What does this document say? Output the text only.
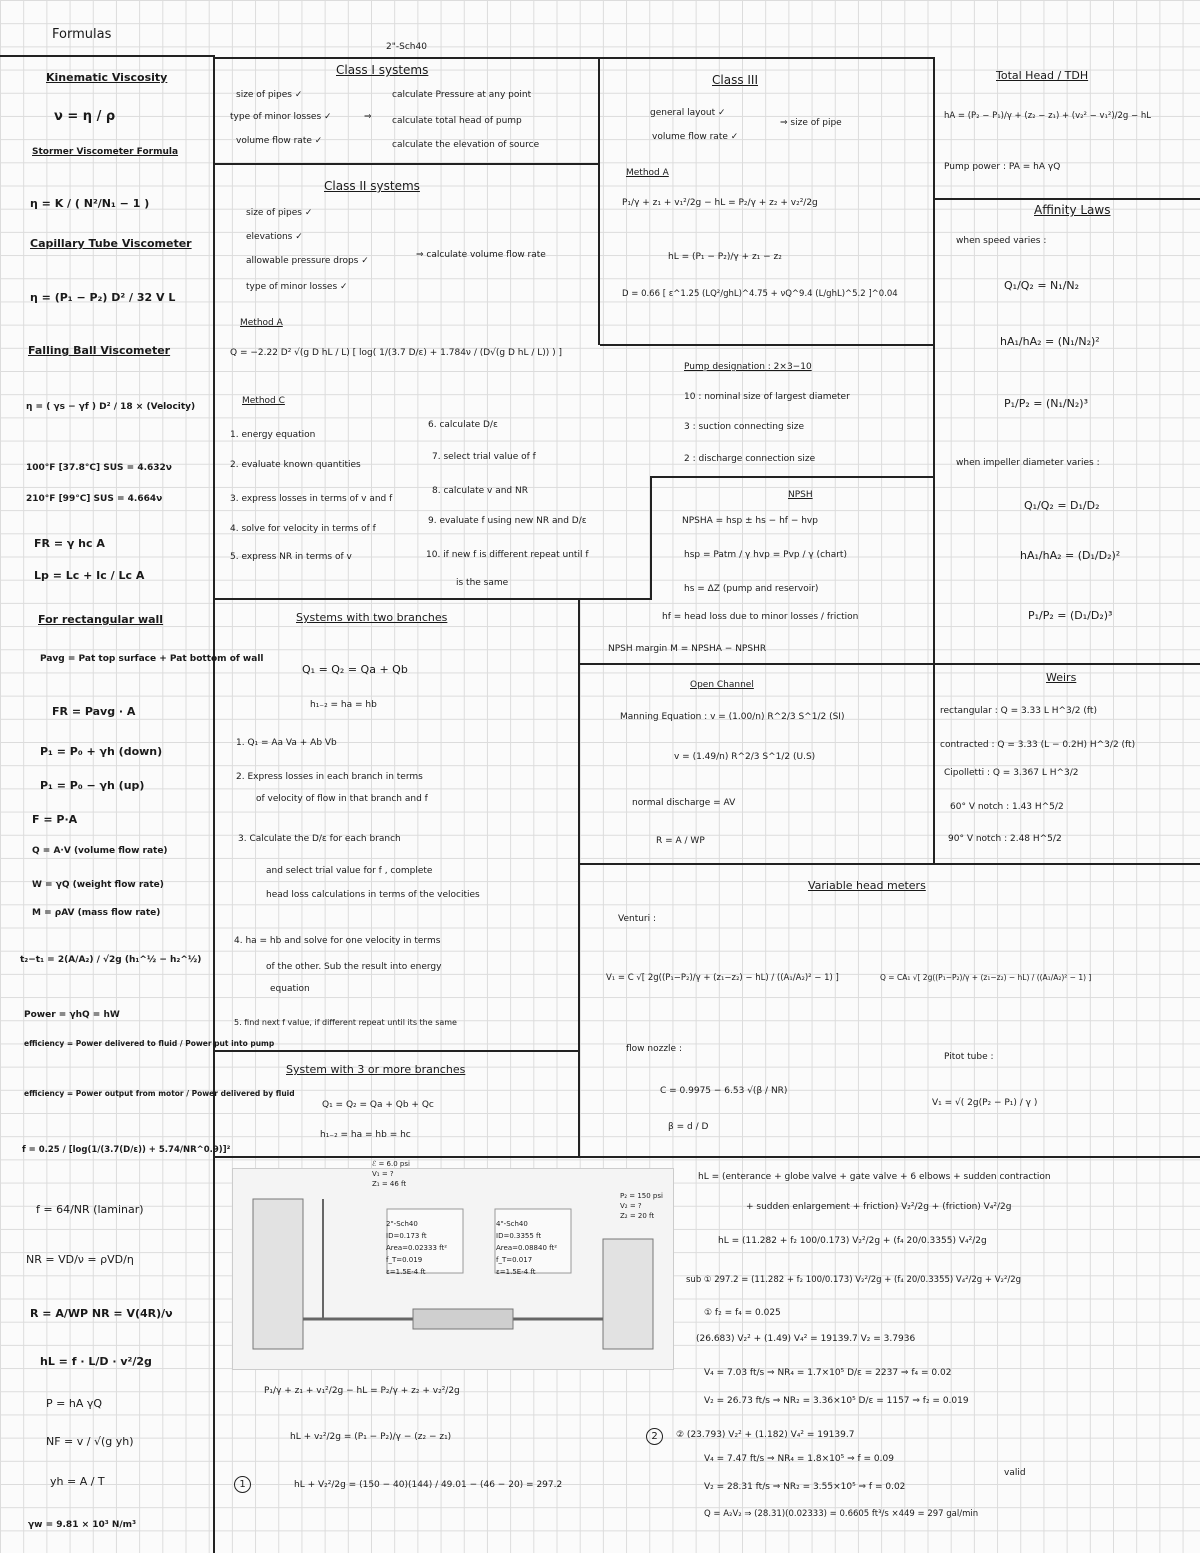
Formulas
Kinematic Viscosity
ν = η / ρ
Stormer Viscometer Formula
η = K / ( N²/N₁ − 1 )
Capillary Tube Viscometer
η = (P₁ − P₂) D² / 32 V L
Falling Ball Viscometer
η = ( γs − γf ) D² / 18 × (Velocity)
100°F [37.8°C] SUS = 4.632ν
210°F [99°C] SUS = 4.664ν
FR = γ hc A
Lp = Lc + Ic / Lc A
For rectangular wall
Pavg = Pat top surface + Pat bottom of wall
FR = Pavg · A
P₁ = P₀ + γh (down)
P₁ = P₀ − γh (up)
F = P·A
Q = A·V (volume flow rate)
W = γQ (weight flow rate)
M = ρAV (mass flow rate)
t₂−t₁ = 2(A/A₂) / √2g (h₁^½ − h₂^½)
Power = γhQ = hW
efficiency = Power delivered to fluid / Power put into pump
efficiency = Power output from motor / Power delivered by fluid
f = 0.25 / [log(1/(3.7(D/ε)) + 5.74/NR^0.9)]²
f = 64/NR (laminar)
NR = VD/ν = ρVD/η
R = A/WP NR = V(4R)/ν
hL = f · L/D · v²/2g
P = hA γQ
NF = v / √(g yh)
yh = A / T
γw = 9.81 × 10³ N/m³
Class I systems
size of pipes ✓
type of minor losses ✓
volume flow rate ✓
⇒
calculate Pressure at any point
calculate total head of pump
calculate the elevation of source
Class II systems
size of pipes ✓
elevations ✓
allowable pressure drops ✓
type of minor losses ✓
⇒ calculate volume flow rate
Method A
Q = −2.22 D² √(g D hL / L) [ log( 1/(3.7 D/ε) + 1.784ν / (D√(g D hL / L)) ) ]
Method C
1. energy equation
2. evaluate known quantities
3. express losses in terms of v and f
4. solve for velocity in terms of f
5. express NR in terms of v
6. calculate D/ε
7. select trial value of f
8. calculate v and NR
9. evaluate f using new NR and D/ε
10. if new f is different repeat until f
is the same
Class III
general layout ✓
volume flow rate ✓
⇒ size of pipe
Method A
P₁/γ + z₁ + v₁²/2g − hL = P₂/γ + z₂ + v₂²/2g
hL = (P₁ − P₂)/γ + z₁ − z₂
D = 0.66 [ ε^1.25 (LQ²/ghL)^4.75 + νQ^9.4 (L/ghL)^5.2 ]^0.04
Total Head / TDH
hA = (P₂ − P₁)/γ + (z₂ − z₁) + (v₂² − v₁²)/2g − hL
Pump power : PA = hA γQ
Affinity Laws
when speed varies :
Q₁/Q₂ = N₁/N₂
hA₁/hA₂ = (N₁/N₂)²
P₁/P₂ = (N₁/N₂)³
when impeller diameter varies :
Q₁/Q₂ = D₁/D₂
hA₁/hA₂ = (D₁/D₂)²
P₁/P₂ = (D₁/D₂)³
Pump designation : 2×3−10
10 : nominal size of largest diameter
3 : suction connecting size
2 : discharge connection size
NPSH
NPSHA = hsp ± hs − hf − hvp
hsp = Patm / γ hvp = Pvp / γ (chart)
hs = ΔZ (pump and reservoir)
hf = head loss due to minor losses / friction
NPSH margin M = NPSHA − NPSHR
Systems with two branches
Q₁ = Q₂ = Qa + Qb
h₁₋₂ = ha = hb
1. Q₁ = Aa Va + Ab Vb
2. Express losses in each branch in terms
of velocity of flow in that branch and f
3. Calculate the D/ε for each branch
and select trial value for f , complete
head loss calculations in terms of the velocities
4. ha = hb and solve for one velocity in terms
of the other. Sub the result into energy
equation
5. find next f value, if different repeat until its the same
System with 3 or more branches
Q₁ = Q₂ = Qa + Qb + Qc
h₁₋₂ = ha = hb = hc
Open Channel
Manning Equation : v = (1.00/n) R^2/3 S^1/2 (SI)
v = (1.49/n) R^2/3 S^1/2 (U.S)
normal discharge = AV
R = A / WP
Weirs
rectangular : Q = 3.33 L H^3/2 (ft)
contracted : Q = 3.33 (L − 0.2H) H^3/2 (ft)
Cipolletti : Q = 3.367 L H^3/2
60° V notch : 1.43 H^5/2
90° V notch : 2.48 H^5/2
Variable head meters
Venturi :
V₁ = C √[ 2g((P₁−P₂)/γ + (z₁−z₂) − hL) / ((A₁/A₂)² − 1) ]	Q = CA₁ √[ 2g((P₁−P₂)/γ + (z₁−z₂) − hL) / ((A₁/A₂)² − 1) ]
flow nozzle :
C = 0.9975 − 6.53 √(β / NR)
β = d / D
Pitot tube :
V₁ = √( 2g(P₂ − P₁) / γ )
2"-Sch40
2"-Sch40
ID=0.173 ft
Area=0.02333 ft²
f_T=0.019
ε=1.5E-4 ft
4"-Sch40
ID=0.3355 ft
Area=0.08840 ft²
f_T=0.017
ε=1.5E-4 ft
ℰ = 6.0 psi
V₁ = ?
Z₁ = 46 ft
P₂ = 150 psi
V₂ = ?
Z₂ = 20 ft
P₁/γ + z₁ + v₁²/2g − hL = P₂/γ + z₂ + v₂²/2g
hL + v₂²/2g = (P₁ − P₂)/γ − (z₂ − z₁)
1	hL + V₂²/2g = (150 − 40)(144) / 49.01 − (46 − 20) = 297.2
hL = (enterance + globe valve + gate valve + 6 elbows + sudden contraction
+ sudden enlargement + friction) V₂²/2g + (friction) V₄²/2g
hL = (11.282 + f₂ 100/0.173) V₂²/2g + (f₄ 20/0.3355) V₄²/2g
sub ① 297.2 = (11.282 + f₂ 100/0.173) V₂²/2g + (f₄ 20/0.3355) V₄²/2g + V₂²/2g
① f₂ = f₄ = 0.025
(26.683) V₂² + (1.49) V₄² = 19139.7 V₂ = 3.7936
V₄ = 7.03 ft/s ⇒ NR₄ = 1.7×10⁵ D/ε = 2237 ⇒ f₄ = 0.02
V₂ = 26.73 ft/s ⇒ NR₂ = 3.36×10⁵ D/ε = 1157 ⇒ f₂ = 0.019
2	② (23.793) V₂² + (1.182) V₄² = 19139.7
V₄ = 7.47 ft/s ⇒ NR₄ = 1.8×10⁵ ⇒ f = 0.09
V₂ = 28.31 ft/s ⇒ NR₂ = 3.55×10⁵ ⇒ f = 0.02
valid
Q = A₂V₂ ⇒ (28.31)(0.02333) = 0.6605 ft³/s ×449 = 297 gal/min
